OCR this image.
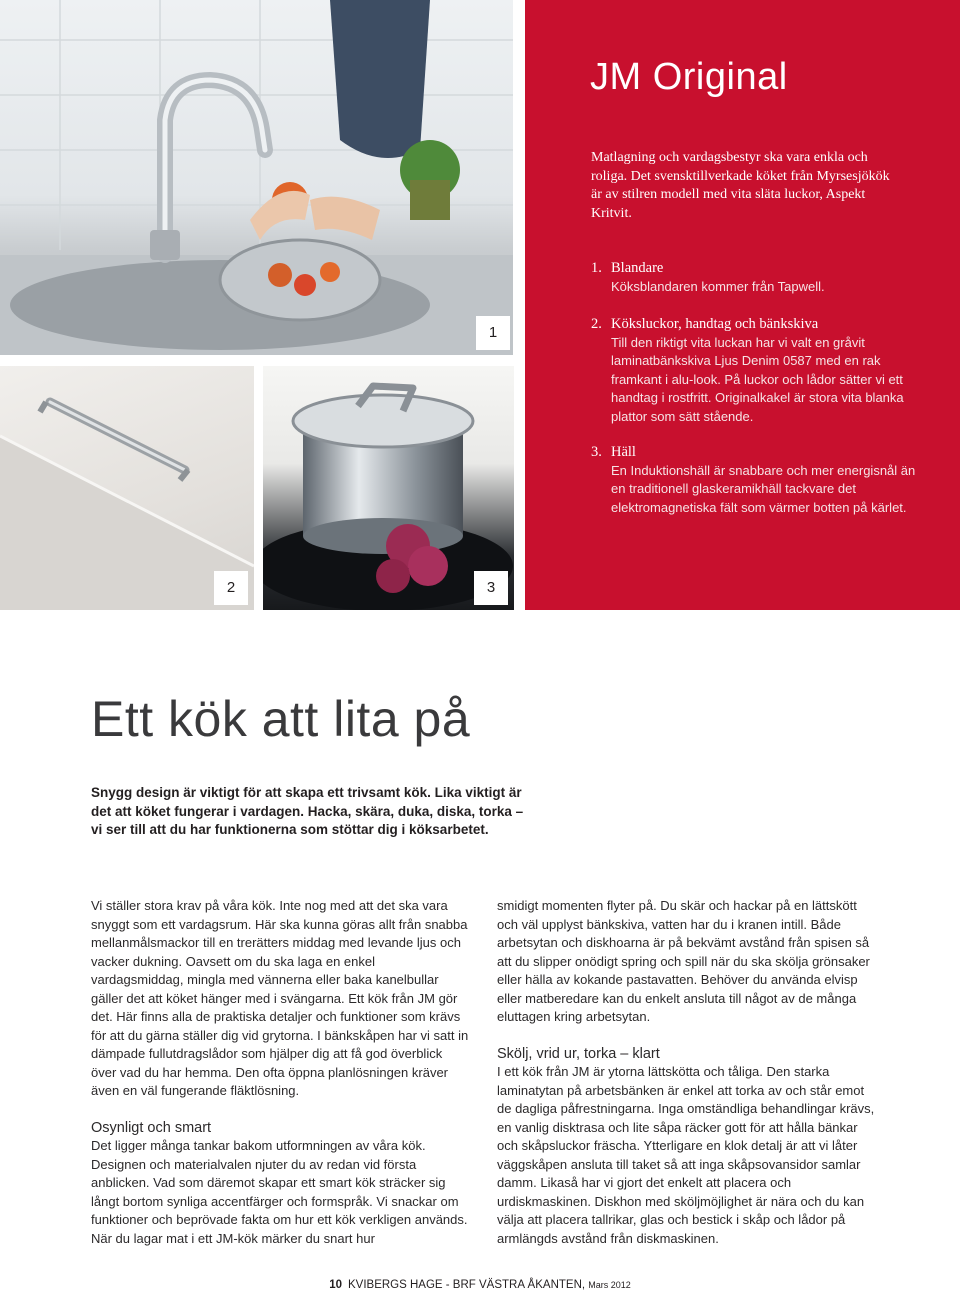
1
2	3
JM Original
Matlagning och vardagsbestyr ska vara enkla och roliga. Det svensktillverkade köket från Myrsesjökök är av stilren modell med vita släta luckor, Aspekt Kritvit.
1. Blandare
Köksblandaren kommer från Tapwell.
2. Köksluckor, handtag och bänkskiva
Till den riktigt vita luckan har vi valt en gråvit laminatbänkskiva Ljus Denim 0587 med en rak framkant i alu-look. På luckor och lådor sätter vi ett handtag i rostfritt. Originalkakel är stora vita blanka plattor som sätt stående.
3. Häll
En Induktionshäll är snabbare och mer energisnål än en traditionell glaskeramikhäll tackvare det elektromagnetiska fält som värmer botten på kärlet.
Ett kök att lita på
Snygg design är viktigt för att skapa ett trivsamt kök. Lika viktigt är det att köket fungerar i vardagen. Hacka, skära, duka, diska, torka – vi ser till att du har funktionerna som stöttar dig i köksarbetet.

Vi ställer stora krav på våra kök. Inte nog med att det ska vara snyggt som ett vardagsrum. Här ska kunna göras allt från snabba mellanmålsmackor till en trerätters middag med levande ljus och vacker dukning. Oavsett om du ska laga en enkel vardagsmiddag, mingla med vännerna eller baka kanelbullar gäller det att köket hänger med i svängarna. Ett kök från JM gör det. Här finns alla de praktiska detaljer och funktioner som krävs för att du gärna ställer dig vid grytorna. I bänkskåpen har vi satt in dämpade fullutdragslådor som hjälper dig att få god överblick över vad du har hemma. Den ofta öppna planlösningen kräver även en väl fungerande fläktlösning.

Osynligt och smart

Det ligger många tankar bakom utformningen av våra kök. Designen och materialvalen njuter du av redan vid första anblicken. Vad som däremot skapar ett smart kök sträcker sig långt bortom synliga accentfärger och formspråk. Vi snackar om funktioner och beprövade fakta om hur ett kök verkligen används. När du lagar mat i ett JM-kök märker du snart hur

smidigt momenten flyter på. Du skär och hackar på en lättskött och väl upplyst bänkskiva, vatten har du i kranen intill. Både arbetsytan och diskhoarna är på bekvämt avstånd från spisen så att du slipper onödigt spring och spill när du ska skölja grönsaker eller hälla av kokande pastavatten. Behöver du använda elvisp eller matberedare kan du enkelt ansluta till något av de många eluttagen kring arbetsytan.

Skölj, vrid ur, torka – klart

I ett kök från JM är ytorna lättskötta och tåliga. Den starka laminatytan på arbetsbänken är enkel att torka av och står emot de dagliga påfrestningarna. Inga omständliga behandlingar krävs, en vanlig disktrasa och lite såpa räcker gott för att hålla bänkar och skåpsluckor fräscha. Ytterligare en klok detalj är att vi låter väggskåpen ansluta till taket så att inga skåpsovansidor samlar damm. Likaså har vi gjort det enkelt att placera och urdiskmaskinen. Diskhon med sköljmöjlighet är nära och du kan välja att placera tallrikar, glas och bestick i skåp och lådor på armlängds avstånd från diskmaskinen.

10 KVIBERGS HAGE - BRF VÄSTRA ÅKANTEN, Mars 2012
